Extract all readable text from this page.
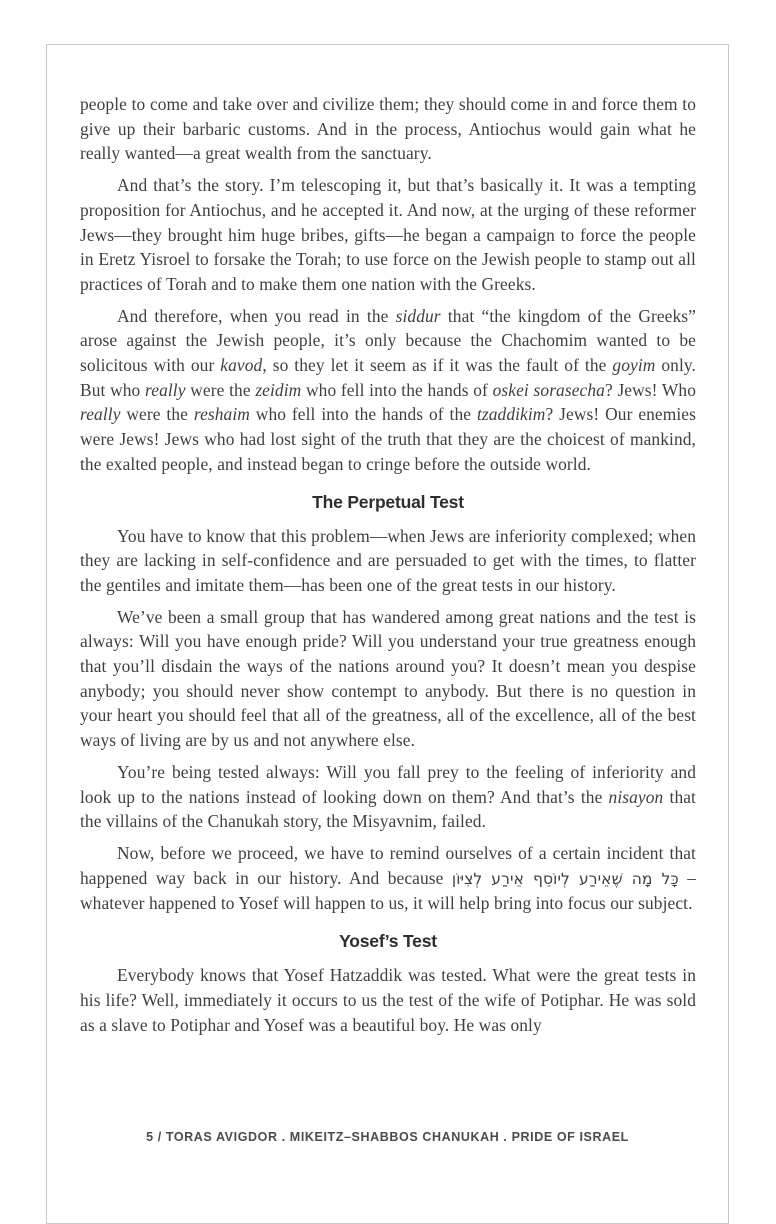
people to come and take over and civilize them; they should come in and force them to give up their barbaric customs. And in the process, Antiochus would gain what he really wanted—a great wealth from the sanctuary.

And that’s the story. I’m telescoping it, but that’s basically it. It was a tempting proposition for Antiochus, and he accepted it. And now, at the urging of these reformer Jews—they brought him huge bribes, gifts—he began a campaign to force the people in Eretz Yisroel to forsake the Torah; to use force on the Jewish people to stamp out all practices of Torah and to make them one nation with the Greeks.

And therefore, when you read in the siddur that “the kingdom of the Greeks” arose against the Jewish people, it’s only because the Chachomim wanted to be solicitous with our kavod, so they let it seem as if it was the fault of the goyim only. But who really were the zeidim who fell into the hands of oskei sorasecha? Jews! Who really were the reshaim who fell into the hands of the tzaddikim? Jews! Our enemies were Jews! Jews who had lost sight of the truth that they are the choicest of mankind, the exalted people, and instead began to cringe before the outside world.

The Perpetual Test

You have to know that this problem—when Jews are inferiority complexed; when they are lacking in self-confidence and are persuaded to get with the times, to flatter the gentiles and imitate them—has been one of the great tests in our history.

We’ve been a small group that has wandered among great nations and the test is always: Will you have enough pride? Will you understand your true greatness enough that you’ll disdain the ways of the nations around you? It doesn’t mean you despise anybody; you should never show contempt to anybody. But there is no question in your heart you should feel that all of the greatness, all of the excellence, all of the best ways of living are by us and not anywhere else.

You’re being tested always: Will you fall prey to the feeling of inferiority and look up to the nations instead of looking down on them? And that’s the nisayon that the villains of the Chanukah story, the Misyavnim, failed.

Now, before we proceed, we have to remind ourselves of a certain incident that happened way back in our history. And because כָּל מָה שֶׁאֵירַע לְיוֹסֵף אֵירַע לְצִיּוֹן – whatever happened to Yosef will happen to us, it will help bring into focus our subject.

Yosef’s Test

Everybody knows that Yosef Hatzaddik was tested. What were the great tests in his life? Well, immediately it occurs to us the test of the wife of Potiphar. He was sold as a slave to Potiphar and Yosef was a beautiful boy. He was only

5 / TORAS AVIGDOR . MIKEITZ–SHABBOS CHANUKAH . PRIDE OF ISRAEL
